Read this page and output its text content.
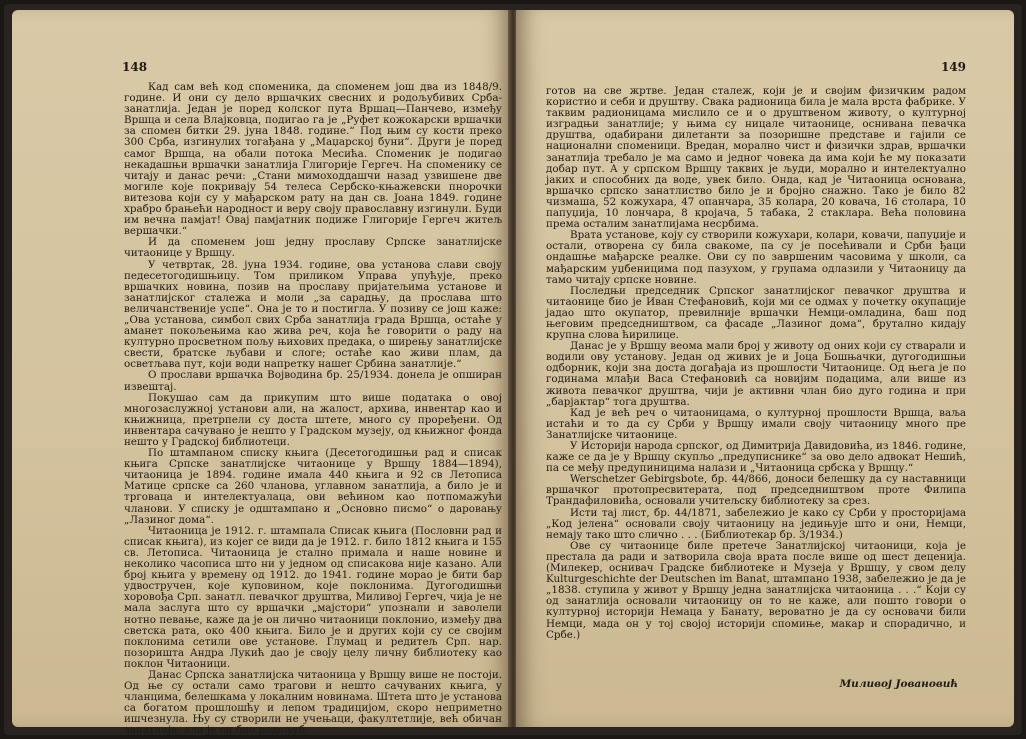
148

Кад сам већ код споменика, да споменем још два из 1848/9. године. И они су дело вршачких свесних и родољубивих Срба-занатлија. Један је поред колског пута Вршац—Панчево, између Вршца и села Влајковца, подигао га је „Руфет кожокарски вршачки за спомен битки 29. јуна 1848. године.“ Под њим су кости преко 300 Срба, изгинулих тогађана у „Маџарској буни“. Други је поред самог Вршца, на обали потока Месића. Споменик је подигао некадашњи вршачки занатлија Глигорије Гергеч. На споменику се читају и данас речи: „Стани мимоходдашчи назад узвишене две могиле које покривају 54 телеса Сербско-књажевски пнорочки витезова који су у мађарском рату на дан св. Јоана 1849. године храбро брањећи народност и веру своју православну изгинули. Буди им вечна памјат! Овај памјатник подиже Глигорије Гергеч житељ вершачки.“

И да споменем још једну прославу Српске занатлијске читаонице у Вршцу.

У четвртак, 28. јуна 1934. године, ова установа слави своју педесетогодишњицу. Том приликом Управа упућује, преко вршачких новина, позив на прославу пријатељима установе и занатлијског сталежа и моли „за сарадњу, да прослава што величанственије успе“. Она је то и постигла. У позиву се још каже: „Ова установа, симбол свих Срба занатлија града Вршца, остаће у аманет покољењима као жива реч, која ће говорити о раду на културно просветном пољу њихових предака, о ширењу занатлијске свести, братске љубави и слоге; остаће као живи плам, да осветљава пут, који води напретку нашег Србина занатлије.“

О прослави вршачка Војводина бр. 25/1934. донела је опширан извештај.

Покушао сам да прикупим што више података о овој многозаслужној установи али, на жалост, архива, инвентар као и књижница, претрпели су доста штете, много су проређени. Од инвентара сачувано је нешто у Градском музеју, од књижног фонда нешто у Градској библиотеци.

По штампаном списку књига (Десетогодишњи рад и списак књига Српске занатлијске читаонице у Вршцу 1884—1894), читаоница је 1894. године имала 440 књига и 92 св Летописа Матице српске са 260 чланова, углавном занатлија, а било је и трговаца и интелектуалаца, ови већином као потпомажући чланови. У списку је одштампано и „Основно писмо“ о даровању „Лазиног дома“.

Читаоница је 1912. г. штампала Списак књига (Пословни рад и списак књига), из којег се види да је 1912. г. било 1812 књига и 155 св. Летописа. Читаоница је стално примала и наше новине и неколико часописа што ни у једном од списакова није казано. Али број књига у времену од 1912. до 1941. године морао је бити бар удвостручен, које куповином, које поклонима. Дугогодишњи хоровођа Срп. занатл. певачког друштва, Миливој Гергеч, чија је не мала заслуга што су вршачки „мајстори“ упознали и заволели нотно певање, каже да је он лично читаоници поклонио, између два светска рата, око 400 књига. Било је и других који су се својим поклонима сетили ове установе. Глумац и редитељ Срп. нар. позоришта Андра Лукић дао је своју целу личну библиотеку као поклон Читаоници.

Данас Српска занатлијска читаоница у Вршцу више не постоји. Од ње су остали само трагови и нешто сачуваних књига, у чланцима, белешкама у локалним новинама. Штета што је установа са богатом прошлошћу и лепом традицијом, скоро неприметно ишчезнула. Њу су створили не учењаци, факултетлије, већ обичан занатлија, али је он био родољуб,

149

готов на све жртве. Један сталеж, који је и својим физичким радом користио и себи и друштву. Свака радионица била је мала врста фабрике. У таквим радионицама мислило се и о друштвеном животу, о културној изградњи занатлије; у њима су ницале читаонице, оснивана певачка друштва, одабирани дилетанти за позоришне представе и гајили се национални споменици. Вредан, морално чист и физички здрав, вршачки занатлија требало је ма само и једног човека да има који ће му показати добар пут. А у српском Вршцу таквих је људи, морално и интелектуално јаких и способних да воде, увек било. Онда, кад је Читаоница основана, вршачко српско занатлиство било је и бројно снажно. Тако је било 82 чизмаша, 52 кожухара, 47 опанчара, 35 колара, 20 ковача, 16 столара, 10 папуџија, 10 лончара, 8 кројача, 5 табака, 2 стаклара. Већа половина према осталим занатлијама несрбима.

Врата установе, коју су створили кожухари, колари, ковачи, папуџије и остали, отворена су била свакоме, па су је посећивали и Срби ђаци ондашње мађарске реалке. Ови су по завршеним часовима у школи, са мађарским уџбеницима под пазухом, у групама одлазили у Читаоницу да тамо читају српске новине.

Последњи председник Српског занатлијског певачког друштва и читаонице био је Иван Стефановић, који ми се одмах у почетку окупације јадао што окупатор, превилније вршачки Немци-омладина, баш под његовим председништвом, са фасаде „Лазиног дома“, брутално кидају крупна слова ћирилице.

Данас је у Вршцу веома мали број у животу од оних који су стварали и водили ову установу. Један од живих је и Јоца Бошњачки, дугогодишњи одборник, који зна доста догађаја из прошлости Читаонице. Од њега је по годинама млађи Васа Стефановић са новијим подацима, али више из живота певачког друштва, чији је активни члан био дуго година и при „барјактар“ тога друштва.

Кад је већ реч о читаоницама, о културној прошлости Вршца, ваља истаћи и то да су Срби у Вршцу имали своју читаоницу много пре Занатлијске читаонице.

У Историји народа српског, од Димитрија Давидовића, из 1846. године, каже се да је у Вршцу скупљо „предуписнике“ за ово дело адвокат Нешић, па се међу предупиницима налази и „Читаоница србска у Вршцу.“

Werschetzer Gebirgsbote, бр. 44/866, доноси белешку да су наставници вршачког протопресвитерата, под председништвом проте Филипа Трандафиловића, основали учитељску библиотеку за срез.

Исти тај лист, бр. 44/1871, забележио је како су Срби у просторијама „Код јелена“ основали своју читаоницу на једињује што и они, Немци, немају тако што слично . . . (Библиотекар бр. 3/1934.)

Ове су читаонице биле претече Занатлијској читаоници, која је престала да ради и затворила своја врата после више од шест деценија. (Милекер, оснивач Градске библиотеке и Музеја у Вршцу, у свом делу Kulturgeschichte der Deutschen im Banat, штампано 1938, забележио је да је „1838. ступила у живот у Вршцу једна занатлијска читаоница . . .“ Који су од занатлија основали читаоницу он то не каже, али пошто говори о културној историји Немаца у Банату, вероватно је да су основачи били Немци, мада он у тој својој историји спомиње, макар и спорадично, и Србе.)

Миливој Јовановић
